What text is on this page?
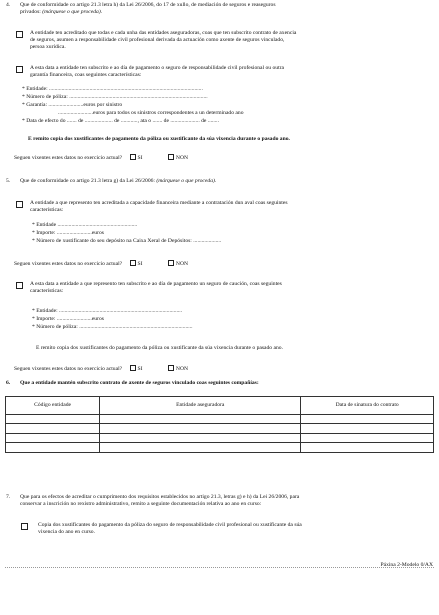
4. Que de conformidade co artigo 21.3 letra h) da Lei 26/2006, do 17 de xullo, de mediación de seguros e reaseguros
privados: (márquese o que proceda).
A entidade ten acreditado que todas e cada unha das entidades aseguradoras, coas que ten subscrito contrato de axencia
de seguros, asumen a responsabilidade civil profesional derivada da actuación como axente de seguros vinculado,
persoa xurídica.
A esta data a entidade ten subscrito e ao día de pagamento o seguro de responsabilidade civil profesional ou outra
garantía financeira, coas seguintes características:
* Entidade: ..............................................................................................................
* Número de póliza: ...................................................................................................
* Garantía: .........................euros por sinistro
.........................euros para todos os sinistros correspondentes a un determinado ano
* Data de efecto do ....... de .................... de ............, ata o ....... de ..................... de ........
E remito copia dos xustificantes de pagamento da póliza ou xustificante da súa vixencia durante o pasado ano.
Seguen vixentes estes datos no exercicio actual?	SI	NON
5. Que de conformidade co artigo 21.3 letra g) da Lei 26/2006: (márquese o que proceda).
A entidade a que represento ten acreditada a capacidade financeira mediante a contratación dun aval coas seguintes
características:
* Entidade .........................................................
* Importe: .........................euros
* Número de xustificante do seu depósito na Caixa Xeral de Depósitos: ....................
Seguen vixentes estes datos no exercicio actual?	SI	NON
A esta data a entidade a que represento ten subscrito e ao día de pagamento un seguro de caución, coas seguintes
características:
* Entidade: ........................................................................................
* Importe: .........................euros
* Número de póliza: .................................................................................
E remito copia dos xustificantes do pagamento da póliza ou xustificante da súa vixencia durante o pasado ano.
Seguen vixentes estes datos no exercicio actual?	SI	NON
6. Que a entidade mantén subscrito contrato de axente de seguros vinculado coas seguintes compañías:
Código entidade	Entidade aseguradora	Data de sinatura do contrato

7. Que para os efectos de acreditar o cumprimento dos requisitos establecidos no artigo 21.3, letras g) e h) da Lei 26/2006, para
conservar a inscrición no rexistro administrativo, remito a seguinte documentación relativa ao ano en curso:
Copia dos xustificantes do pagamento da póliza do seguro de responsabilidade civil profesional ou xustificante da súa
vixencia do ano en curso.
Páxina 2-Modelo 0/AX
